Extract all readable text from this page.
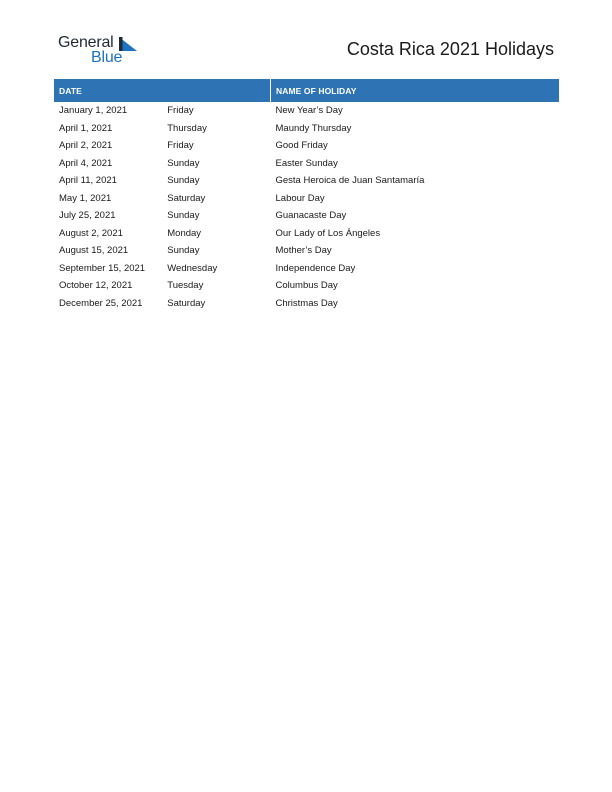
General
Blue	Costa Rica 2021 Holidays
DATE		NAME OF HOLIDAY
January 1, 2021	Friday	New Year’s Day
April 1, 2021	Thursday	Maundy Thursday
April 2, 2021	Friday	Good Friday
April 4, 2021	Sunday	Easter Sunday
April 11, 2021	Sunday	Gesta Heroica de Juan Santamaría
May 1, 2021	Saturday	Labour Day
July 25, 2021	Sunday	Guanacaste Day
August 2, 2021	Monday	Our Lady of Los Ángeles
August 15, 2021	Sunday	Mother’s Day
September 15, 2021	Wednesday	Independence Day
October 12, 2021	Tuesday	Columbus Day
December 25, 2021	Saturday	Christmas Day
